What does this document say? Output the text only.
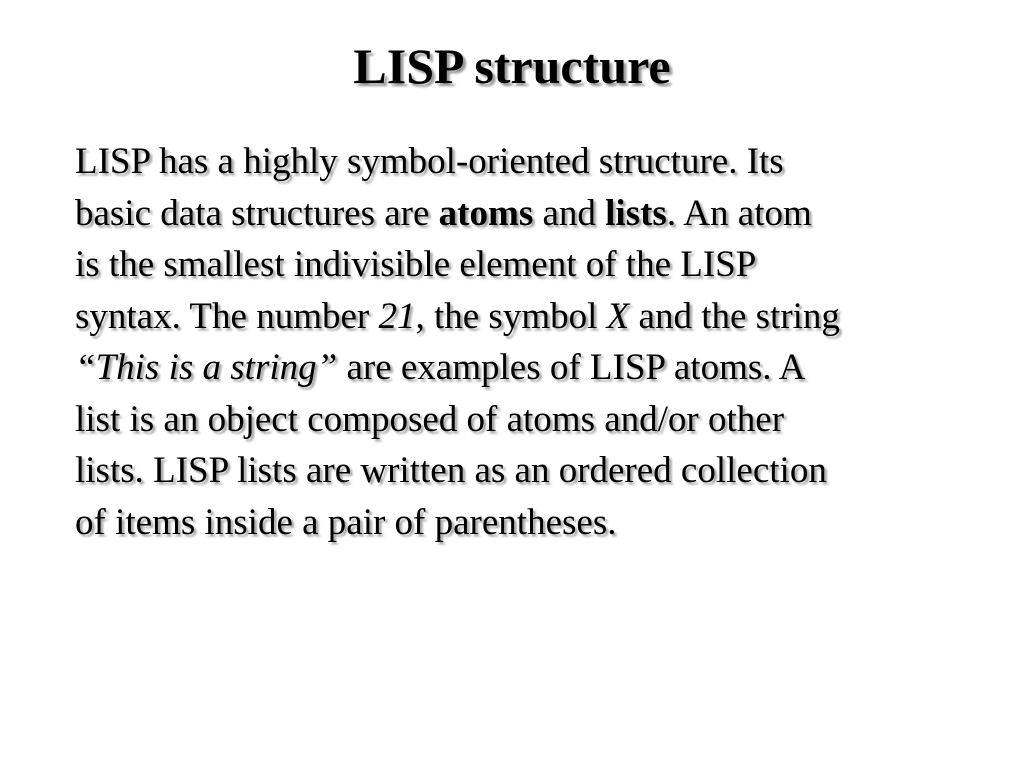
LISP structure

LISP has a highly symbol-oriented structure. Its
basic data structures are atoms and lists. An atom
is the smallest indivisible element of the LISP
syntax. The number 21, the symbol X and the string
“This is a string” are examples of LISP atoms. A
list is an object composed of atoms and/or other
lists. LISP lists are written as an ordered collection
of items inside a pair of parentheses.
